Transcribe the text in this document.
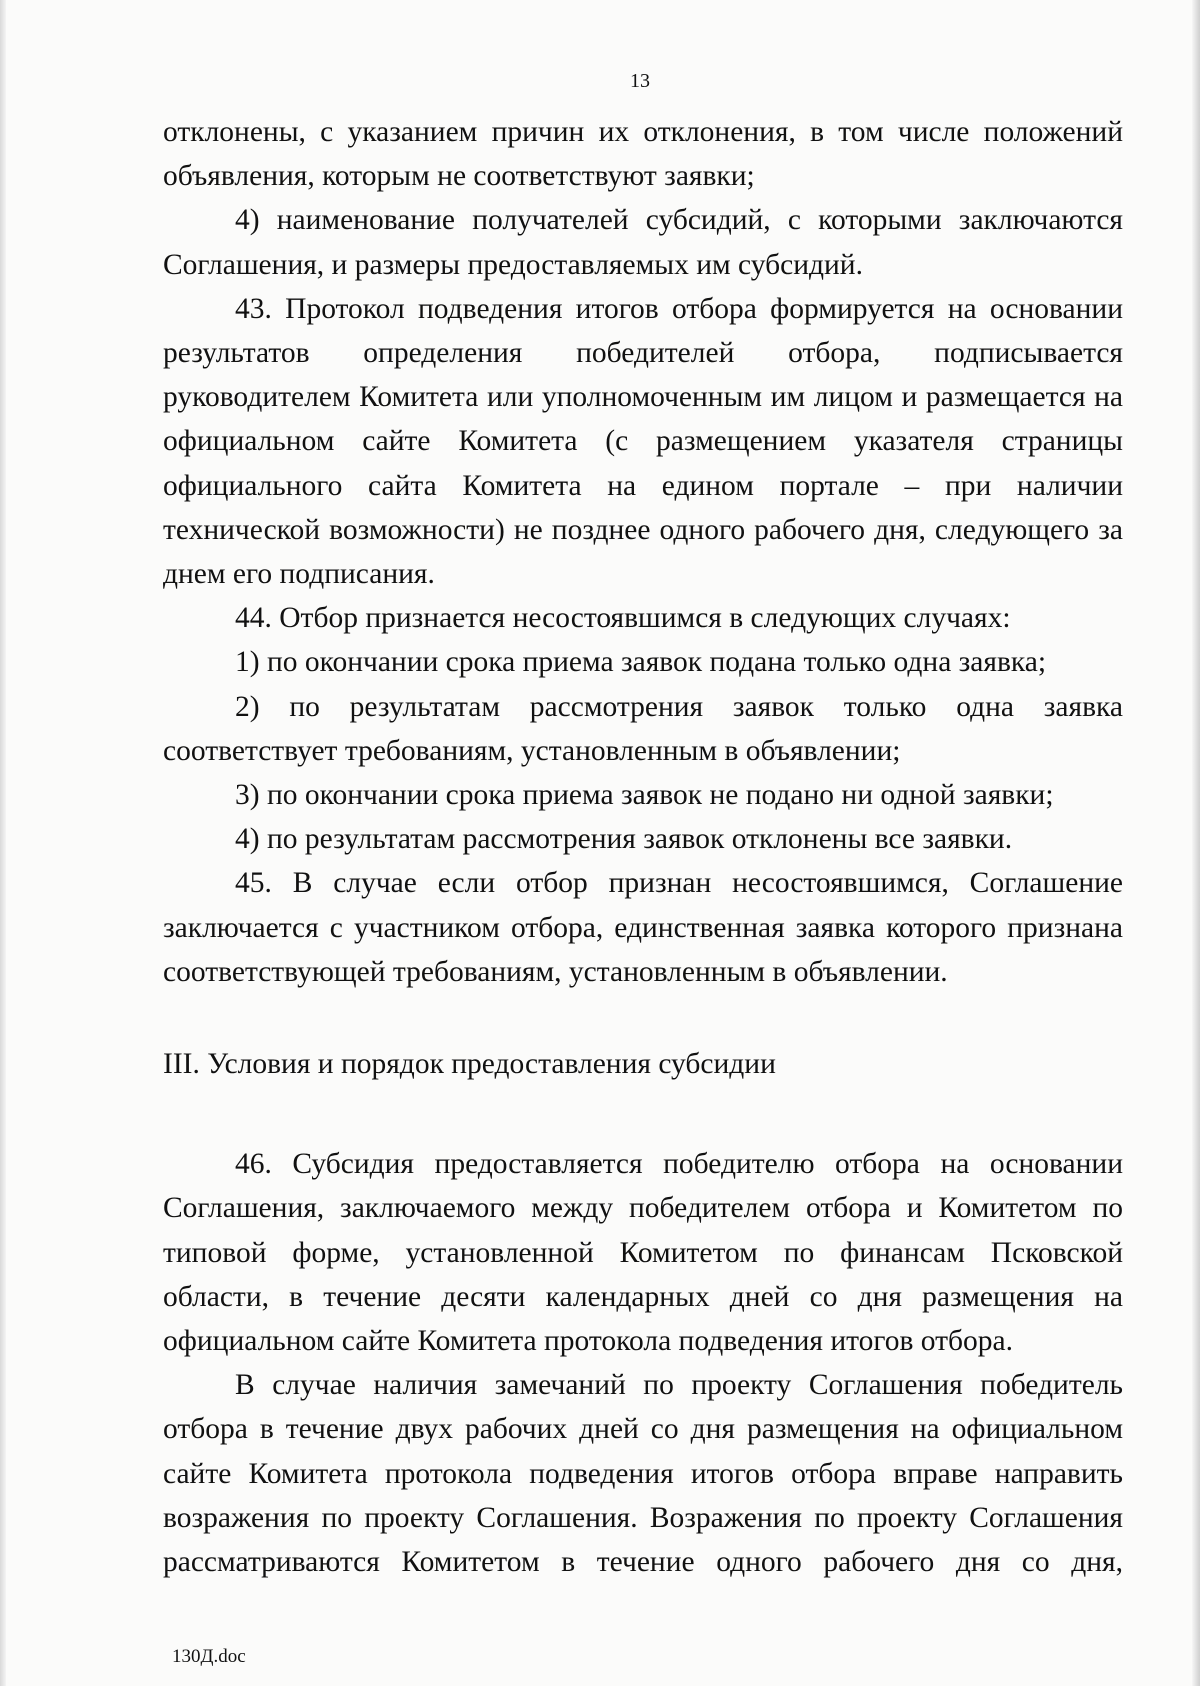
13

отклонены, с указанием причин их отклонения, в том числе положений объявления, которым не соответствуют заявки;

4) наименование получателей субсидий, с которыми заключаются Соглашения, и размеры предоставляемых им субсидий.

43. Протокол подведения итогов отбора формируется на основании результатов определения победителей отбора, подписывается руководителем Комитета или уполномоченным им лицом и размещается на официальном сайте Комитета (с размещением указателя страницы официального сайта Комитета на едином портале – при наличии технической возможности) не позднее одного рабочего дня, следующего за днем его подписания.

44. Отбор признается несостоявшимся в следующих случаях:

1) по окончании срока приема заявок подана только одна заявка;

2) по результатам рассмотрения заявок только одна заявка соответствует требованиям, установленным в объявлении;

3) по окончании срока приема заявок не подано ни одной заявки;

4) по результатам рассмотрения заявок отклонены все заявки.

45. В случае если отбор признан несостоявшимся, Соглашение заключается с участником отбора, единственная заявка которого признана соответствующей требованиям, установленным в объявлении.

III. Условия и порядок предоставления субсидии

46. Субсидия предоставляется победителю отбора на основании Соглашения, заключаемого между победителем отбора и Комитетом по типовой форме, установленной Комитетом по финансам Псковской области, в течение десяти календарных дней со дня размещения на официальном сайте Комитета протокола подведения итогов отбора.

В случае наличия замечаний по проекту Соглашения победитель отбора в течение двух рабочих дней со дня размещения на официальном сайте Комитета протокола подведения итогов отбора вправе направить возражения по проекту Соглашения. Возражения по проекту Соглашения рассматриваются Комитетом в течение одного рабочего дня со дня,

130Д.doc
